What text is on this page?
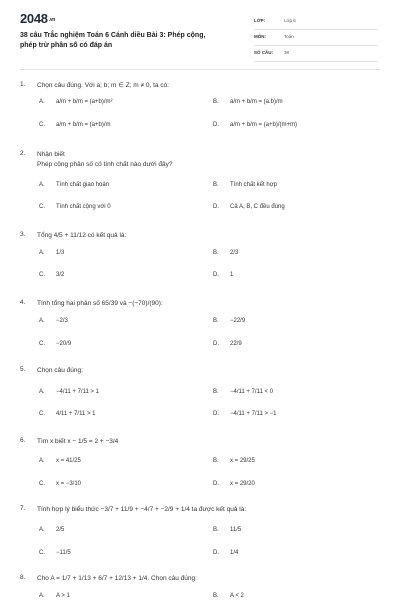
2048.vn
38 câu Trắc nghiệm Toán 6 Cánh diều Bài 3: Phép cộng, phép trừ phân số có đáp án
LỚP:	Lớp 6
MÔN:	Toán
SỐ CÂU: 38
1.	Chọn câu đúng. Với a; b; m ∈ Z; m ≠ 0, ta có:
A. a/m + b/m = (a+b)/m²	B. a/m + b/m = (a.b)/m
C. a/m + b/m = (a+b)/m	D. a/m + b/m = (a+b)/(m+m)
2.	Nhận biết
Phép cộng phân số có tính chất nào dưới đây?
A. Tính chất giao hoán	B. Tính chất kết hợp
C. Tính chất cộng với 0	D. Cả A, B, C đều đúng
3.	Tổng 4/5 + 11/12 có kết quả là:
A. 1/3	B. 2/3
C. 3/2	D. 1
4.	Tính tổng hai phân số 65/39 và −(−70)/(90):
A. −2/3	B. −22/9
C. −20/9	D. 22/9
5.	Chọn câu đúng:
A. −4/11 + 7/11 > 1	B. −4/11 + 7/11 < 0
C. 4/11 + 7/11 > 1	D. −4/11 + 7/11 > −1
6.	Tìm x biết x − 1/5 = 2 + −3/4
A. x = 41/25	B. x = 29/25
C. x = −3/10	D. x = 29/20
7.	Tính hợp lý biểu thức −3/7 + 11/9 + −4/7 + −2/9 + 1/4 ta được kết quả là:
A. 2/5	B. 11/5
C. −11/5	D. 1/4
8.	Cho A = 1/7 + 1/13 + 6/7 + 12/13 + 1/4. Chọn câu đúng:
A. A > 1	B. A < 2
